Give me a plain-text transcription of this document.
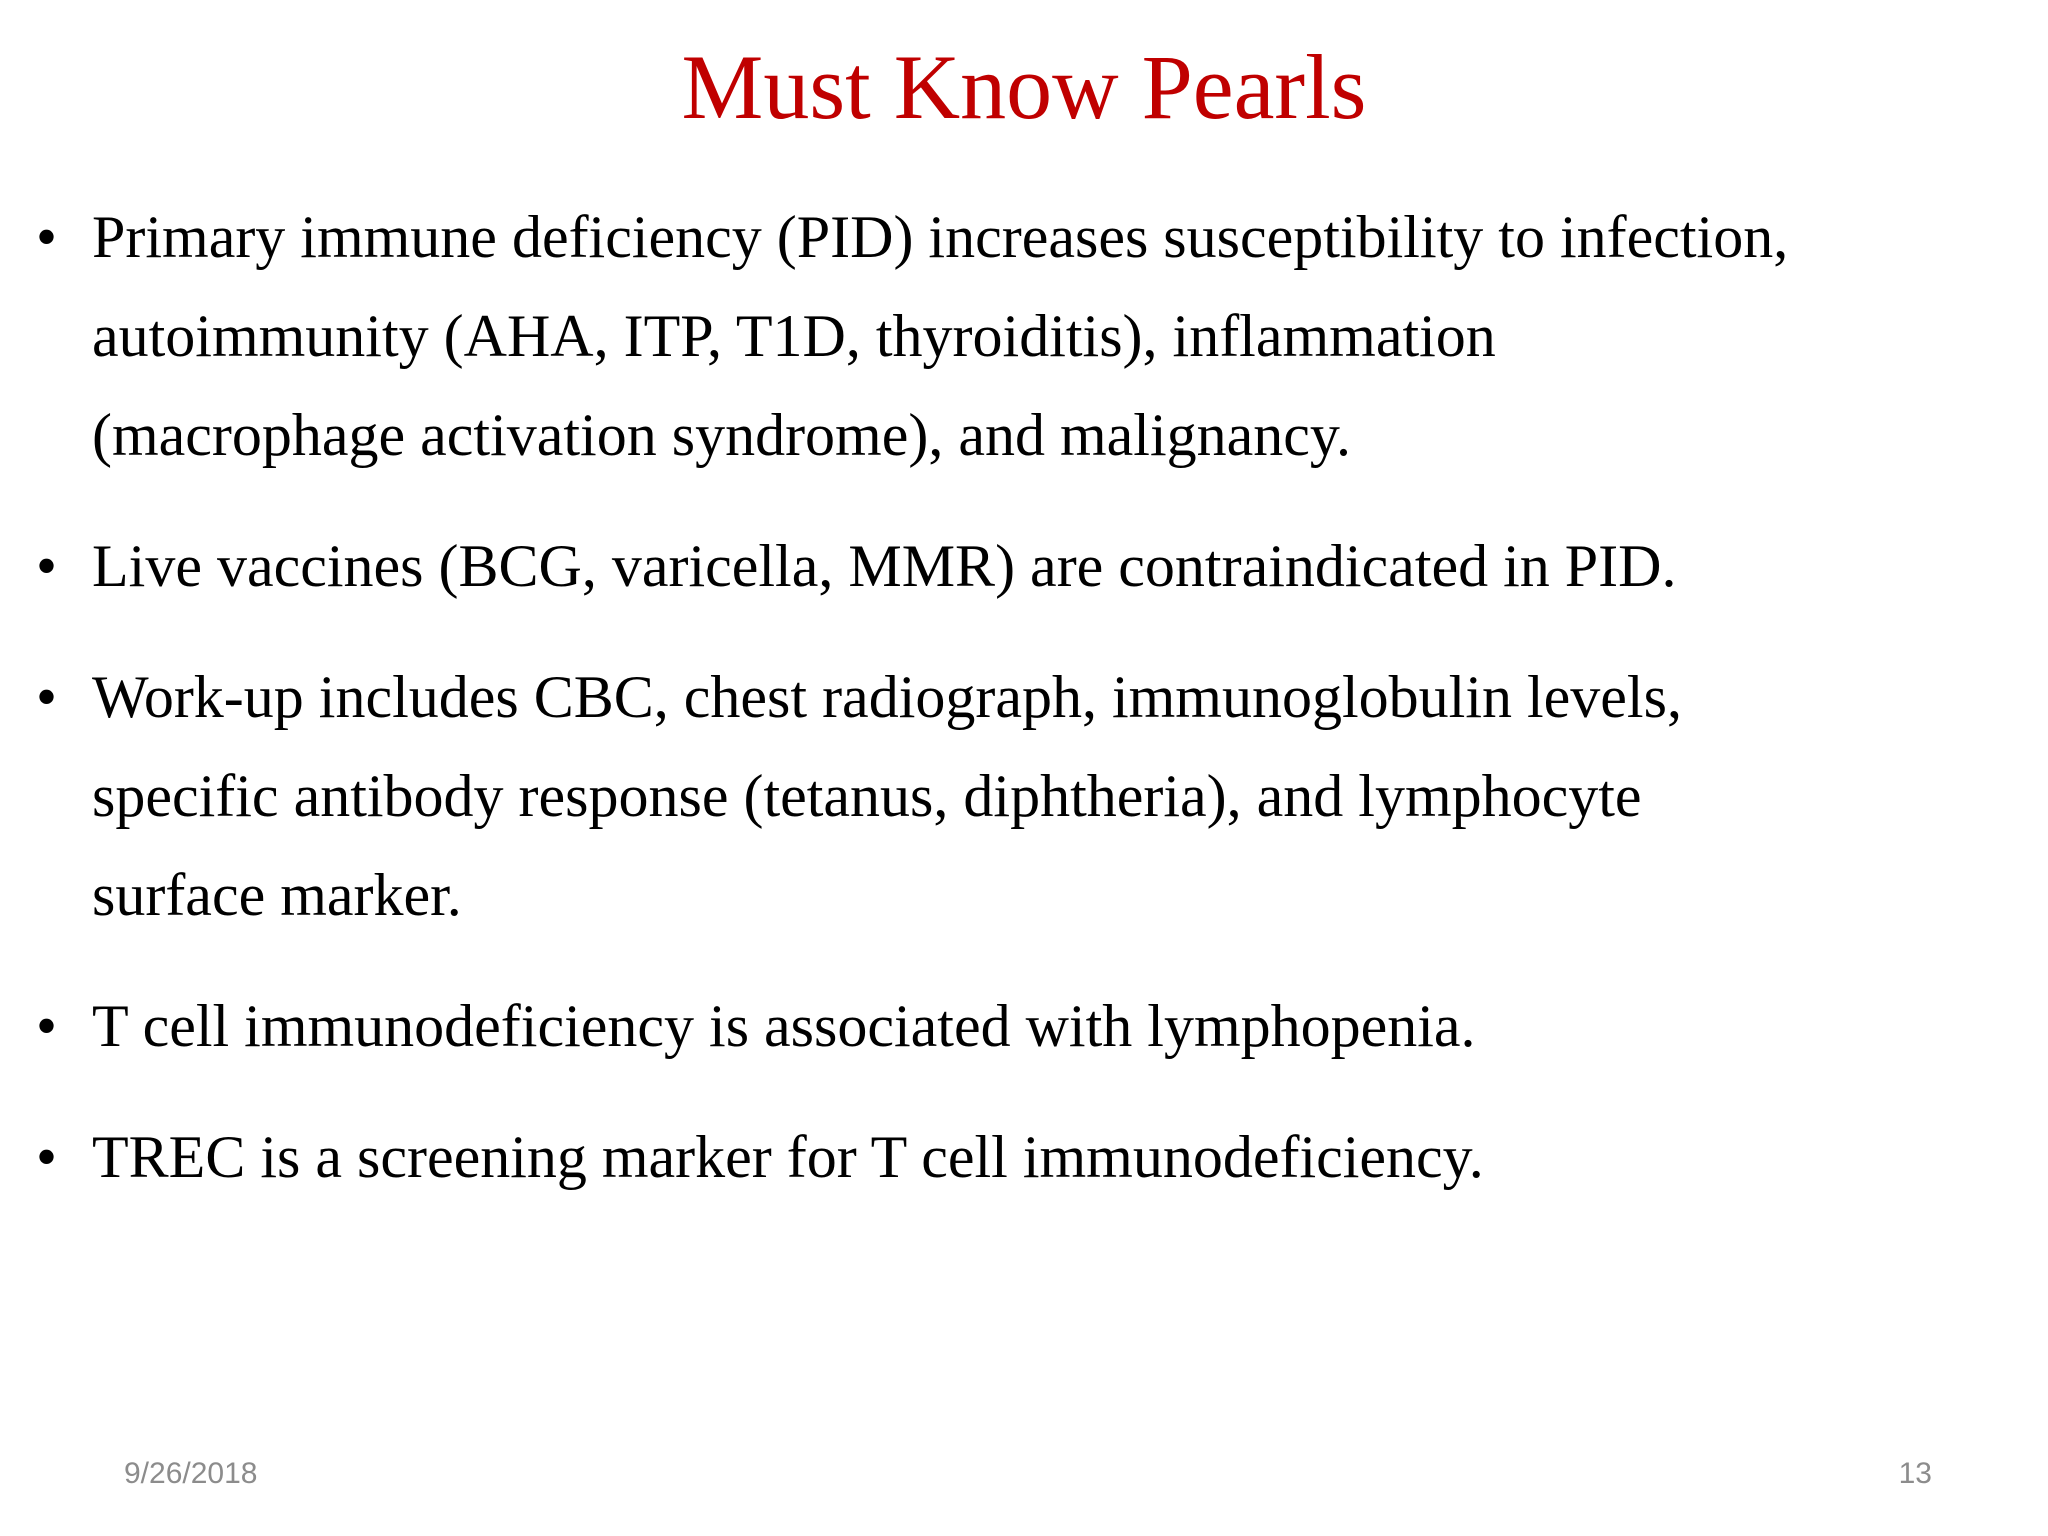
Must Know Pearls
• Primary immune deficiency (PID) increases susceptibility to infection,
autoimmunity (AHA, ITP, T1D, thyroiditis), inflammation
(macrophage activation syndrome), and malignancy.
• Live vaccines (BCG, varicella, MMR) are contraindicated in PID.
• Work-up includes CBC, chest radiograph, immunoglobulin levels,
specific antibody response (tetanus, diphtheria), and lymphocyte
surface marker.
• T cell immunodeficiency is associated with lymphopenia.
• TREC is a screening marker for T cell immunodeficiency.
9/26/2018	13
